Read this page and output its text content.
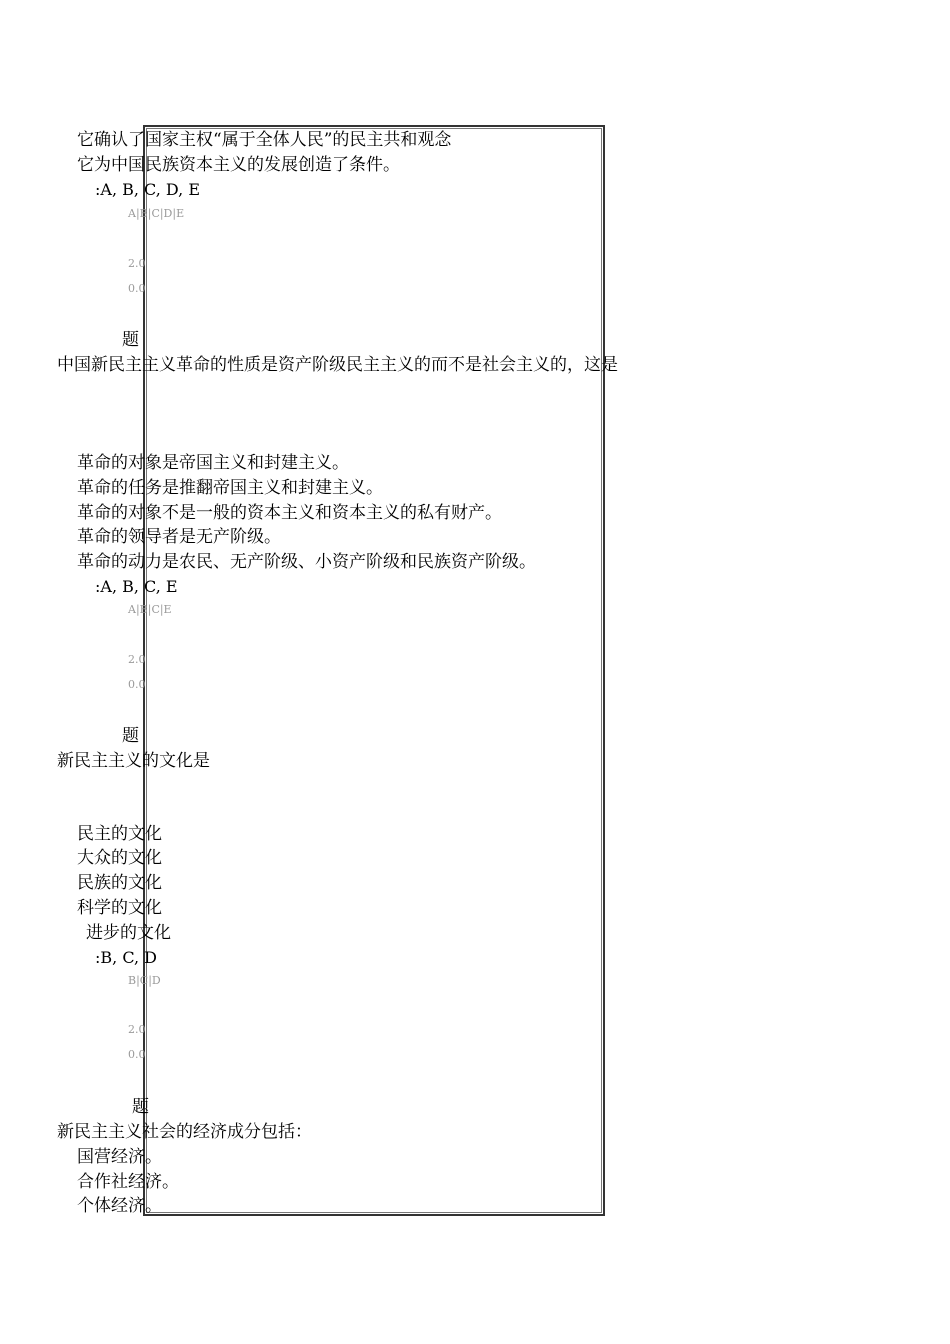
它确认了国家主权“属于全体人民”的民主共和观念
它为中国民族资本主义的发展创造了条件。
:A, B, C, D, E
A|B|C|D|E
2.0
0.0
题
中国新民主主义革命的性质是资产阶级民主主义的而不是社会主义的，这是
革命的对象是帝国主义和封建主义。
革命的任务是推翻帝国主义和封建主义。
革命的对象不是一般的资本主义和资本主义的私有财产。
革命的领导者是无产阶级。
革命的动力是农民、无产阶级、小资产阶级和民族资产阶级。
:A, B, C, E
A|B|C|E
2.0
0.0
题
新民主主义的文化是
民主的文化
大众的文化
民族的文化
科学的文化
进步的文化
:B, C, D
B|C|D
2.0
0.0
题
新民主主义社会的经济成分包括：
国营经济。
合作社经济。
个体经济。
